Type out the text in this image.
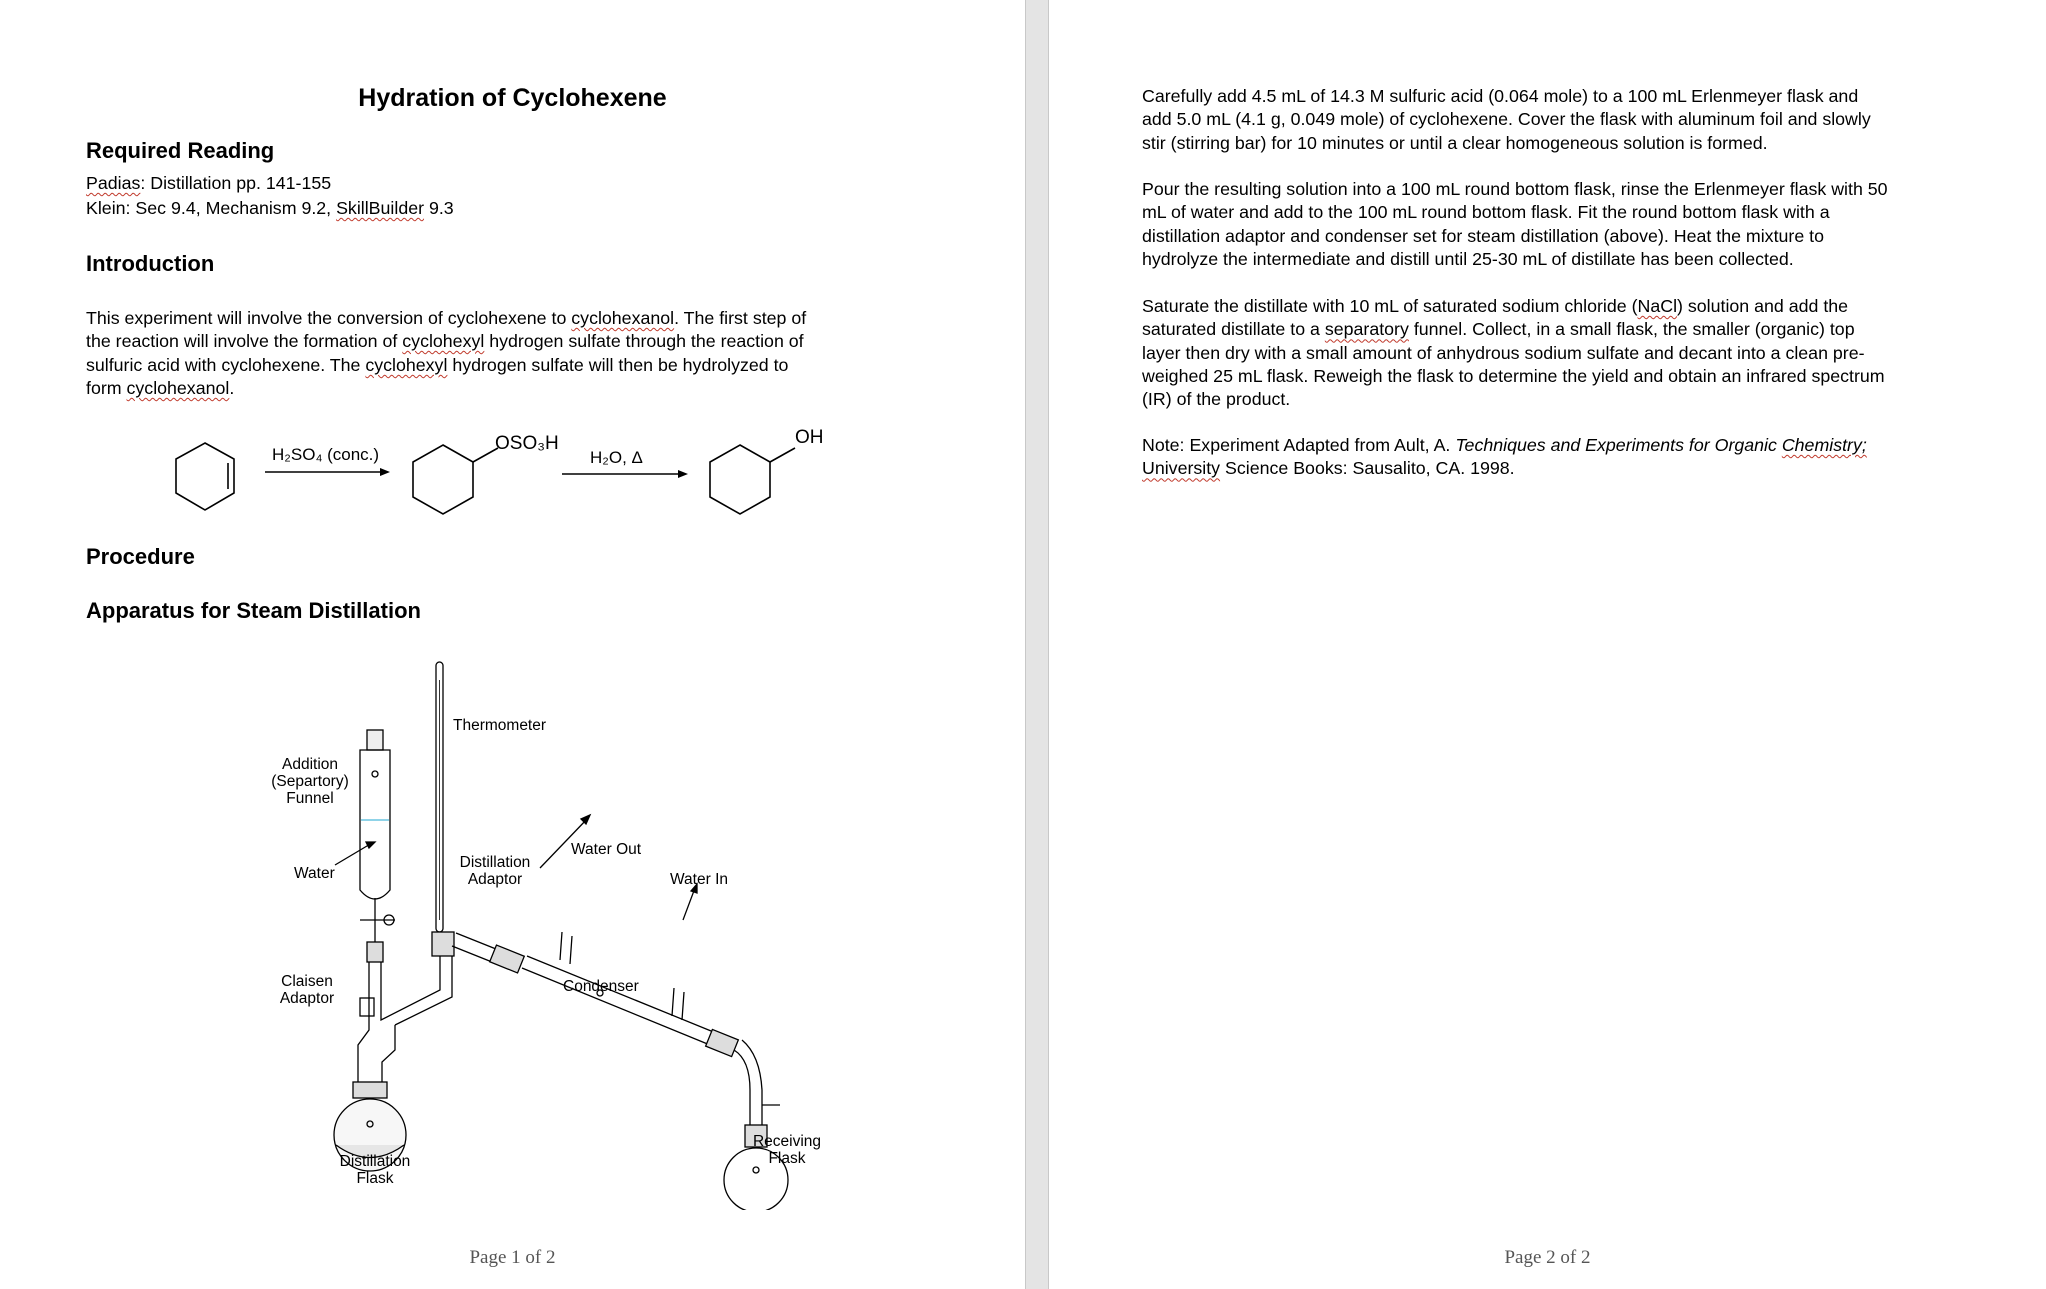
Hydration of Cyclohexene
Required Reading
Padias: Distillation pp. 141-155
Klein: Sec 9.4, Mechanism 9.2, SkillBuilder 9.3
Introduction
This experiment will involve the conversion of cyclohexene to cyclohexanol. The first step of
the reaction will involve the formation of cyclohexyl hydrogen sulfate through the reaction of
sulfuric acid with cyclohexene. The cyclohexyl hydrogen sulfate will then be hydrolyzed to
form cyclohexanol.
H₂SO₄ (conc.)
OSO₃H
H₂O, Δ
OH
Procedure
Apparatus for Steam Distillation
Thermometer
Addition
(Separtory)
Funnel
Water
Distillation
Adaptor
Water Out
Water In
Claisen
Adaptor
Condenser
Receiving
Flask
Distillation
Flask
Page 1 of 2
Carefully add 4.5 mL of 14.3 M sulfuric acid (0.064 mole) to a 100 mL Erlenmeyer flask and
add 5.0 mL (4.1 g, 0.049 mole) of cyclohexene. Cover the flask with aluminum foil and slowly
stir (stirring bar) for 10 minutes or until a clear homogeneous solution is formed.
Pour the resulting solution into a 100 mL round bottom flask, rinse the Erlenmeyer flask with 50
mL of water and add to the 100 mL round bottom flask. Fit the round bottom flask with a
distillation adaptor and condenser set for steam distillation (above). Heat the mixture to
hydrolyze the intermediate and distill until 25-30 mL of distillate has been collected.
Saturate the distillate with 10 mL of saturated sodium chloride (NaCl) solution and add the
saturated distillate to a separatory funnel. Collect, in a small flask, the smaller (organic) top
layer then dry with a small amount of anhydrous sodium sulfate and decant into a clean pre-
weighed 25 mL flask. Reweigh the flask to determine the yield and obtain an infrared spectrum
(IR) of the product.
Note: Experiment Adapted from Ault, A. Techniques and Experiments for Organic Chemistry;
University Science Books: Sausalito, CA. 1998.
Page 2 of 2
